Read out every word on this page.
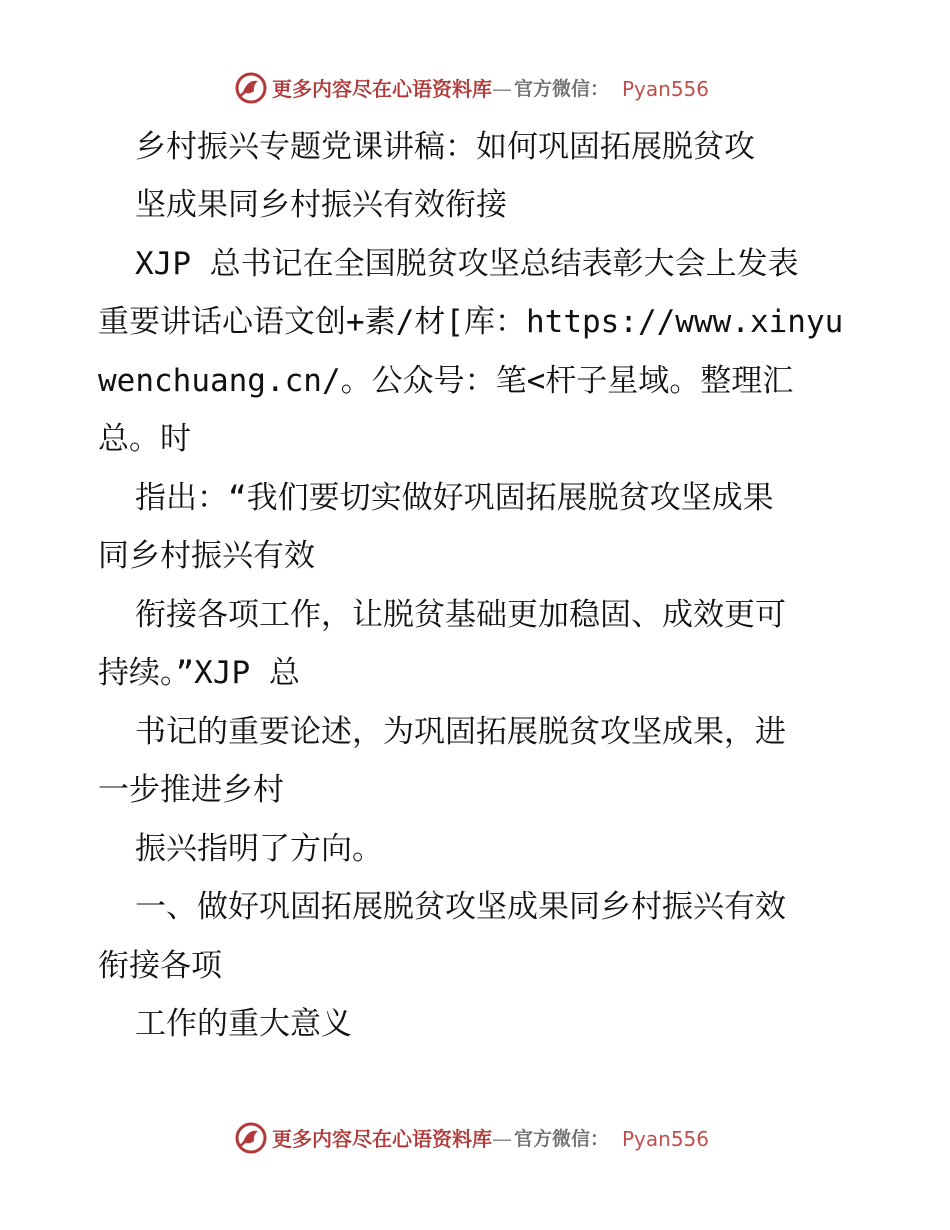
更多内容尽在心语资料库 — 官方微信： Pyan556
乡村振兴专题党课讲稿：如何巩固拓展脱贫攻
坚成果同乡村振兴有效衔接
XJP 总书记在全国脱贫攻坚总结表彰大会上发表
重要讲话心语文创+素/材[库：https://www.xinyu
wenchuang.cn/。公众号：笔<杆子星域。整理汇
总。时
指出：“我们要切实做好巩固拓展脱贫攻坚成果
同乡村振兴有效
衔接各项工作，让脱贫基础更加稳固、成效更可
持续。”XJP 总
书记的重要论述，为巩固拓展脱贫攻坚成果，进
一步推进乡村
振兴指明了方向。
一、做好巩固拓展脱贫攻坚成果同乡村振兴有效
衔接各项
工作的重大意义
更多内容尽在心语资料库 — 官方微信： Pyan556
